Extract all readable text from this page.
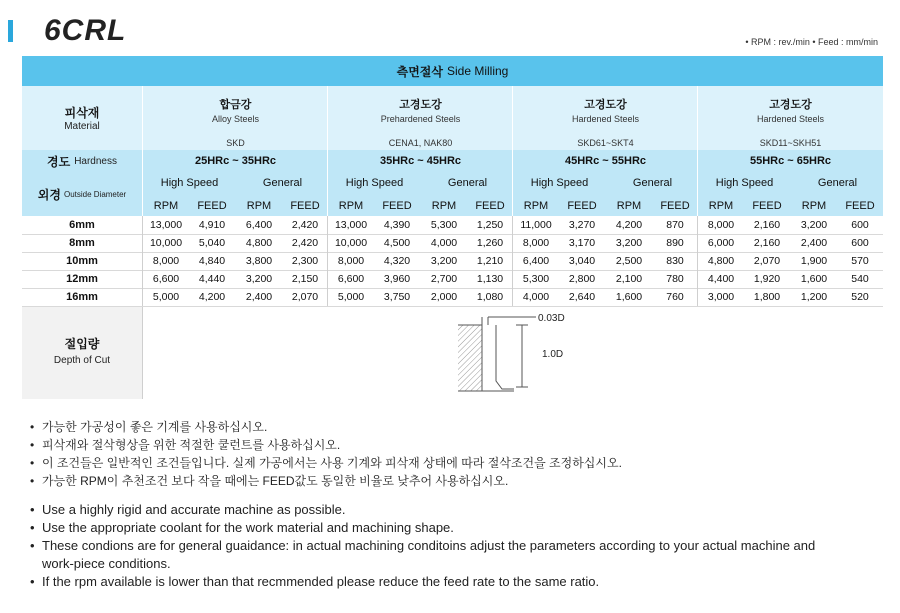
6CRL	• RPM : rev./min • Feed : mm/min
측면절삭 Side Milling
피삭재
Material
합금강
Alloy Steels
SKD
고경도강
Prehardened Steels
CENA1, NAK80
고경도강
Hardened Steels
SKD61~SKT4
고경도강
Hardened Steels
SKD11~SKH51
경도 Hardness	25HRc ~ 35HRc	35HRc ~ 45HRc	45HRc ~ 55HRc	55HRc ~ 65HRc
외경 Outside Diameter
High Speed	General
RPM	FEED	RPM	FEED
High Speed	General
RPM	FEED	RPM	FEED
High Speed	General
RPM	FEED	RPM	FEED
High Speed	General
RPM	FEED	RPM	FEED
6mm	13,000	4,910	6,400	2,420	13,000	4,390	5,300	1,250	11,000	3,270	4,200	870	8,000	2,160	3,200	600
8mm	10,000	5,040	4,800	2,420	10,000	4,500	4,000	1,260	8,000	3,170	3,200	890	6,000	2,160	2,400	600
10mm	8,000	4,840	3,800	2,300	8,000	4,320	3,200	1,210	6,400	3,040	2,500	830	4,800	2,070	1,900	570
12mm	6,600	4,440	3,200	2,150	6,600	3,960	2,700	1,130	5,300	2,800	2,100	780	4,400	1,920	1,600	540
16mm	5,000	4,200	2,400	2,070	5,000	3,750	2,000	1,080	4,000	2,640	1,600	760	3,000	1,800	1,200	520
절입량
Depth of Cut
0.03D
1.0D
• 가능한 가공성이 좋은 기계를 사용하십시오.
• 피삭재와 절삭형상을 위한 적절한 쿨런트를 사용하십시오.
• 이 조건들은 일반적인 조건들입니다. 실제 가공에서는 사용 기계와 피삭재 상태에 따라 절삭조건을 조정하십시오.
• 가능한 RPM이 추천조건 보다 작을 때에는 FEED값도 동일한 비율로 낮추어 사용하십시오.
• Use a highly rigid and accurate machine as possible.
• Use the appropriate coolant for the work material and machining shape.
• These condions are for general guaidance: in actual machining conditoins adjust the parameters according to your actual machine and work-piece conditions.
• If the rpm available is lower than that recmmended please reduce the feed rate to the same ratio.
